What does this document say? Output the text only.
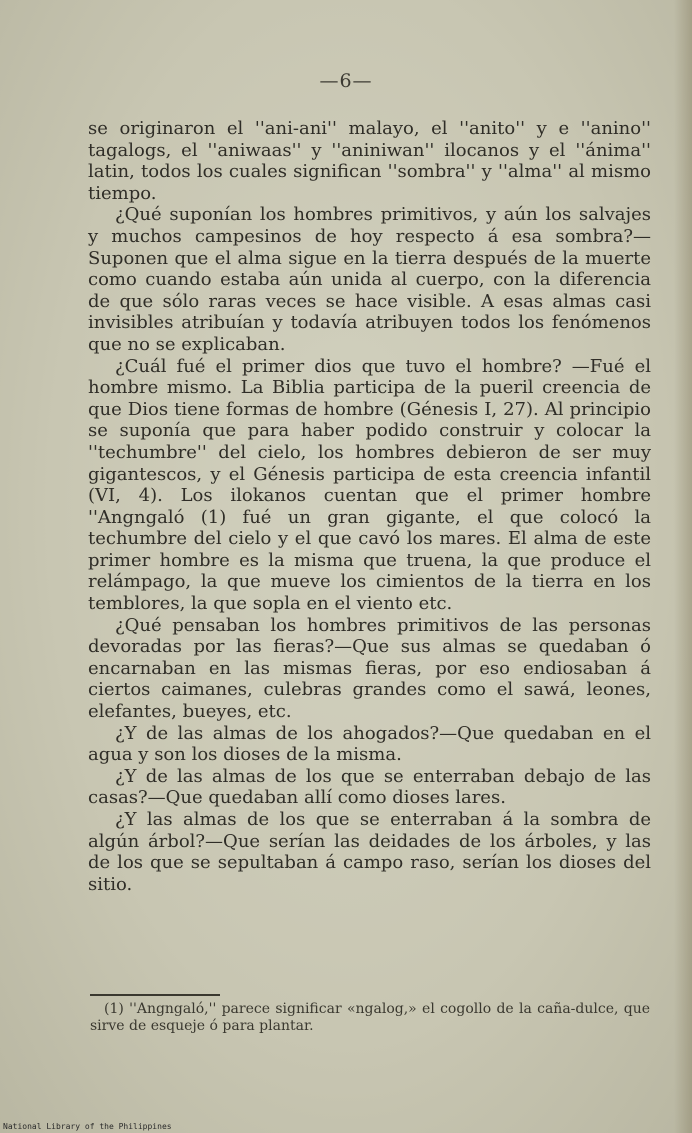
—6—

se originaron el ''ani-ani'' malayo, el ''anito'' y e ''anino'' tagalogs, el ''aniwaas'' y ''aniniwan'' ilocanos y el ''ánima'' latin, todos los cuales significan ''sombra'' y ''alma'' al mismo tiempo.

¿Qué suponían los hombres primitivos, y aún los salvajes y muchos campesinos de hoy respecto á esa sombra?—Suponen que el alma sigue en la tierra después de la muerte como cuando estaba aún unida al cuerpo, con la diferencia de que sólo raras veces se hace visible. A esas almas casi invisibles atribuían y todavía atribuyen todos los fenómenos que no se explicaban.

¿Cuál fué el primer dios que tuvo el hombre? —Fué el hombre mismo. La Biblia participa de la pueril creencia de que Dios tiene formas de hombre (Génesis I, 27). Al principio se suponía que para haber podido construir y colocar la ''techumbre'' del cielo, los hombres debieron de ser muy gigantescos, y el Génesis participa de esta creencia infantil (VI, 4). Los ilokanos cuentan que el primer hombre ''Angngaló (1) fué un gran gigante, el que colocó la techumbre del cielo y el que cavó los mares. El alma de este primer hombre es la misma que truena, la que produce el relámpago, la que mueve los cimientos de la tierra en los temblores, la que sopla en el viento etc.

¿Qué pensaban los hombres primitivos de las personas devoradas por las fieras?—Que sus almas se quedaban ó encarnaban en las mismas fieras, por eso endiosaban á ciertos caimanes, culebras grandes como el sawá, leones, elefantes, bueyes, etc.

¿Y de las almas de los ahogados?—Que quedaban en el agua y son los dioses de la misma.

¿Y de las almas de los que se enterraban debajo de las casas?—Que quedaban allí como dioses lares.

¿Y las almas de los que se enterraban á la sombra de algún árbol?—Que serían las deidades de los árboles, y las de los que se sepultaban á campo raso, serían los dioses del sitio.

(1) ''Angngaló,'' parece significar «ngalog,» el cogollo de la caña-dulce, que sirve de esqueje ó para plantar.

National Library of the Philippines
